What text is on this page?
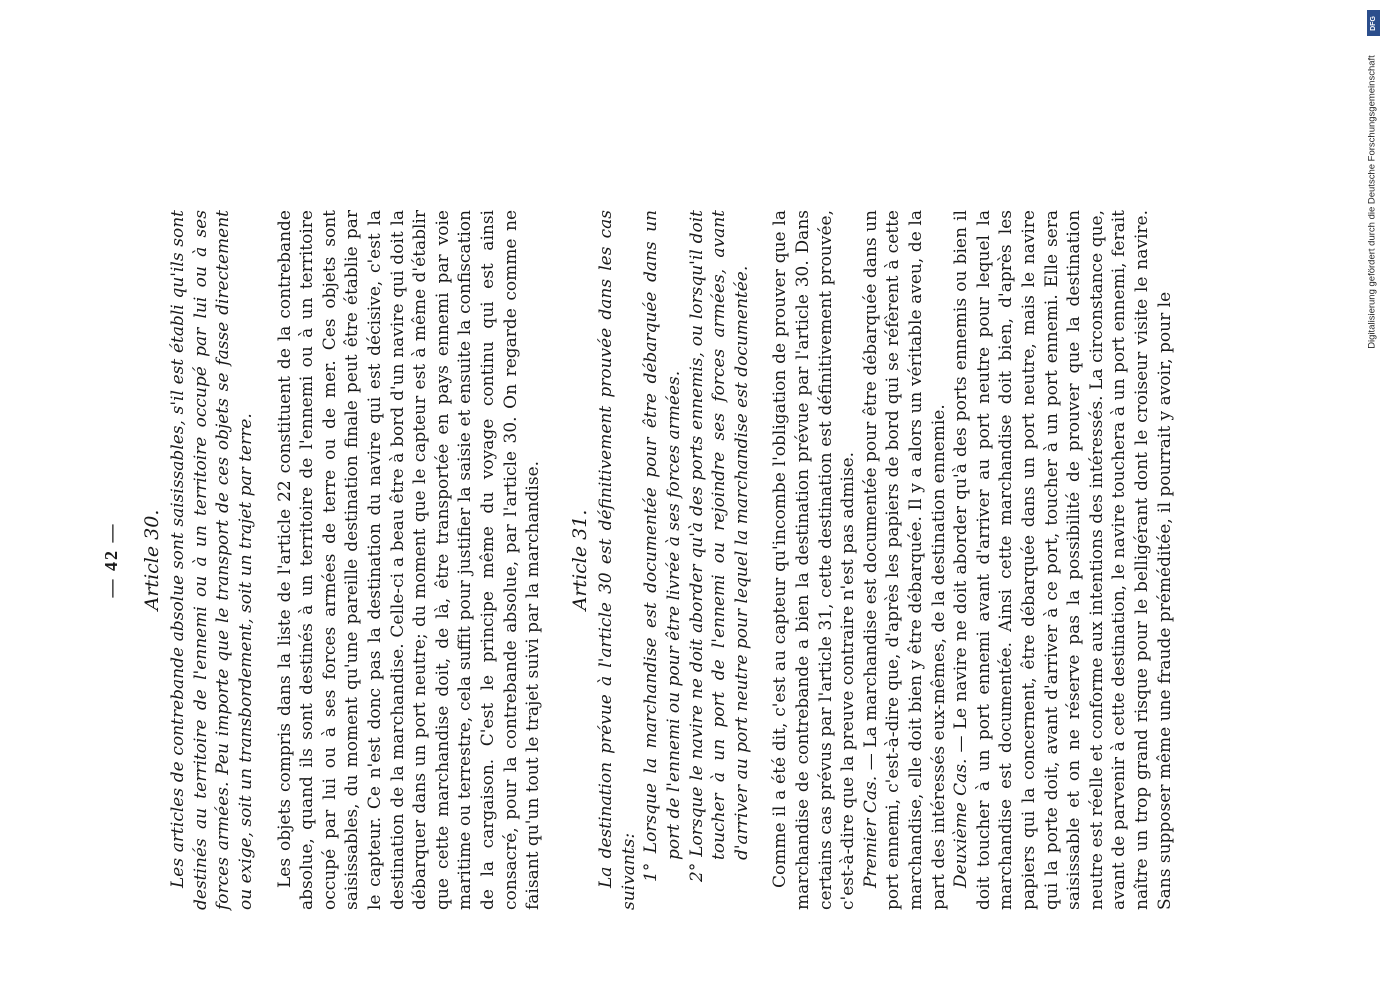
Digitalisierung gefördert durch die Deutsche Forschungsgemeinschaft
DFG
— 42 — Article 30. Les articles de contrebande absolue sont saisissables, s'il est établi qu'ils sont destinés au territoire de l'ennemi ou à un territoire occupé par lui ou à ses forces armées. Peu importe que le transport de ces objets se fasse directement ou exige, soit un transbordement, soit un trajet par terre. Les objets compris dans la liste de l'article 22 constituent de la contrebande absolue, quand ils sont destinés à un territoire de l'ennemi ou à un territoire occupé par lui ou à ses forces armées de terre ou de mer. Ces objets sont saisissables, du moment qu'une pareille destination finale peut être établie par le capteur. Ce n'est donc pas la destination du navire qui est décisive, c'est la destination de la marchandise. Celle-ci a beau être à bord d'un navire qui doit la débarquer dans un port neutre; du moment que le capteur est à même d'établir que cette marchandise doit, de là, être transportée en pays ennemi par voie maritime ou terrestre, cela suffit pour justifier la saisie et ensuite la confiscation de la cargaison. C'est le principe même du voyage continu qui est ainsi consacré, pour la contrebande absolue, par l'article 30. On regarde comme ne faisant qu'un tout le trajet suivi par la marchandise. Article 31. La destination prévue à l'article 30 est définitivement prouvée dans les cas suivants: 1° Lorsque la marchandise est documentée pour être débarquée dans un port de l'ennemi ou pour être livrée à ses forces armées. 2° Lorsque le navire ne doit aborder qu'à des ports ennemis, ou lorsqu'il doit toucher à un port de l'ennemi ou rejoindre ses forces armées, avant d'arriver au port neutre pour lequel la marchandise est documentée. Comme il a été dit, c'est au capteur qu'incombe l'obligation de prouver que la marchandise de contrebande a bien la destination prévue par l'article 30. Dans certains cas prévus par l'article 31, cette destination est définitivement prouvée, c'est-à-dire que la preuve contraire n'est pas admise. Premier Cas. — La marchandise est documentée pour être débarquée dans un port ennemi, c'est-à-dire que, d'après les papiers de bord qui se réfèrent à cette marchandise, elle doit bien y être débarquée. Il y a alors un véritable aveu, de la part des intéressés eux-mêmes, de la destination ennemie. Deuxième Cas. — Le navire ne doit aborder qu'à des ports ennemis ou bien il doit toucher à un port ennemi avant d'arriver au port neutre pour lequel la marchandise est documentée. Ainsi cette marchandise doit bien, d'après les papiers qui la concernent, être débarquée dans un port neutre, mais le navire qui la porte doit, avant d'arriver à ce port, toucher à un port ennemi. Elle sera saisissable et on ne réserve pas la possibilité de prouver que la destination neutre est réelle et conforme aux intentions des intéressés. La circonstance que, avant de parvenir à cette destination, le navire touchera à un port ennemi, ferait naître un trop grand risque pour le belligérant dont le croiseur visite le navire. Sans supposer même une fraude préméditée, il pourrait y avoir, pour le
